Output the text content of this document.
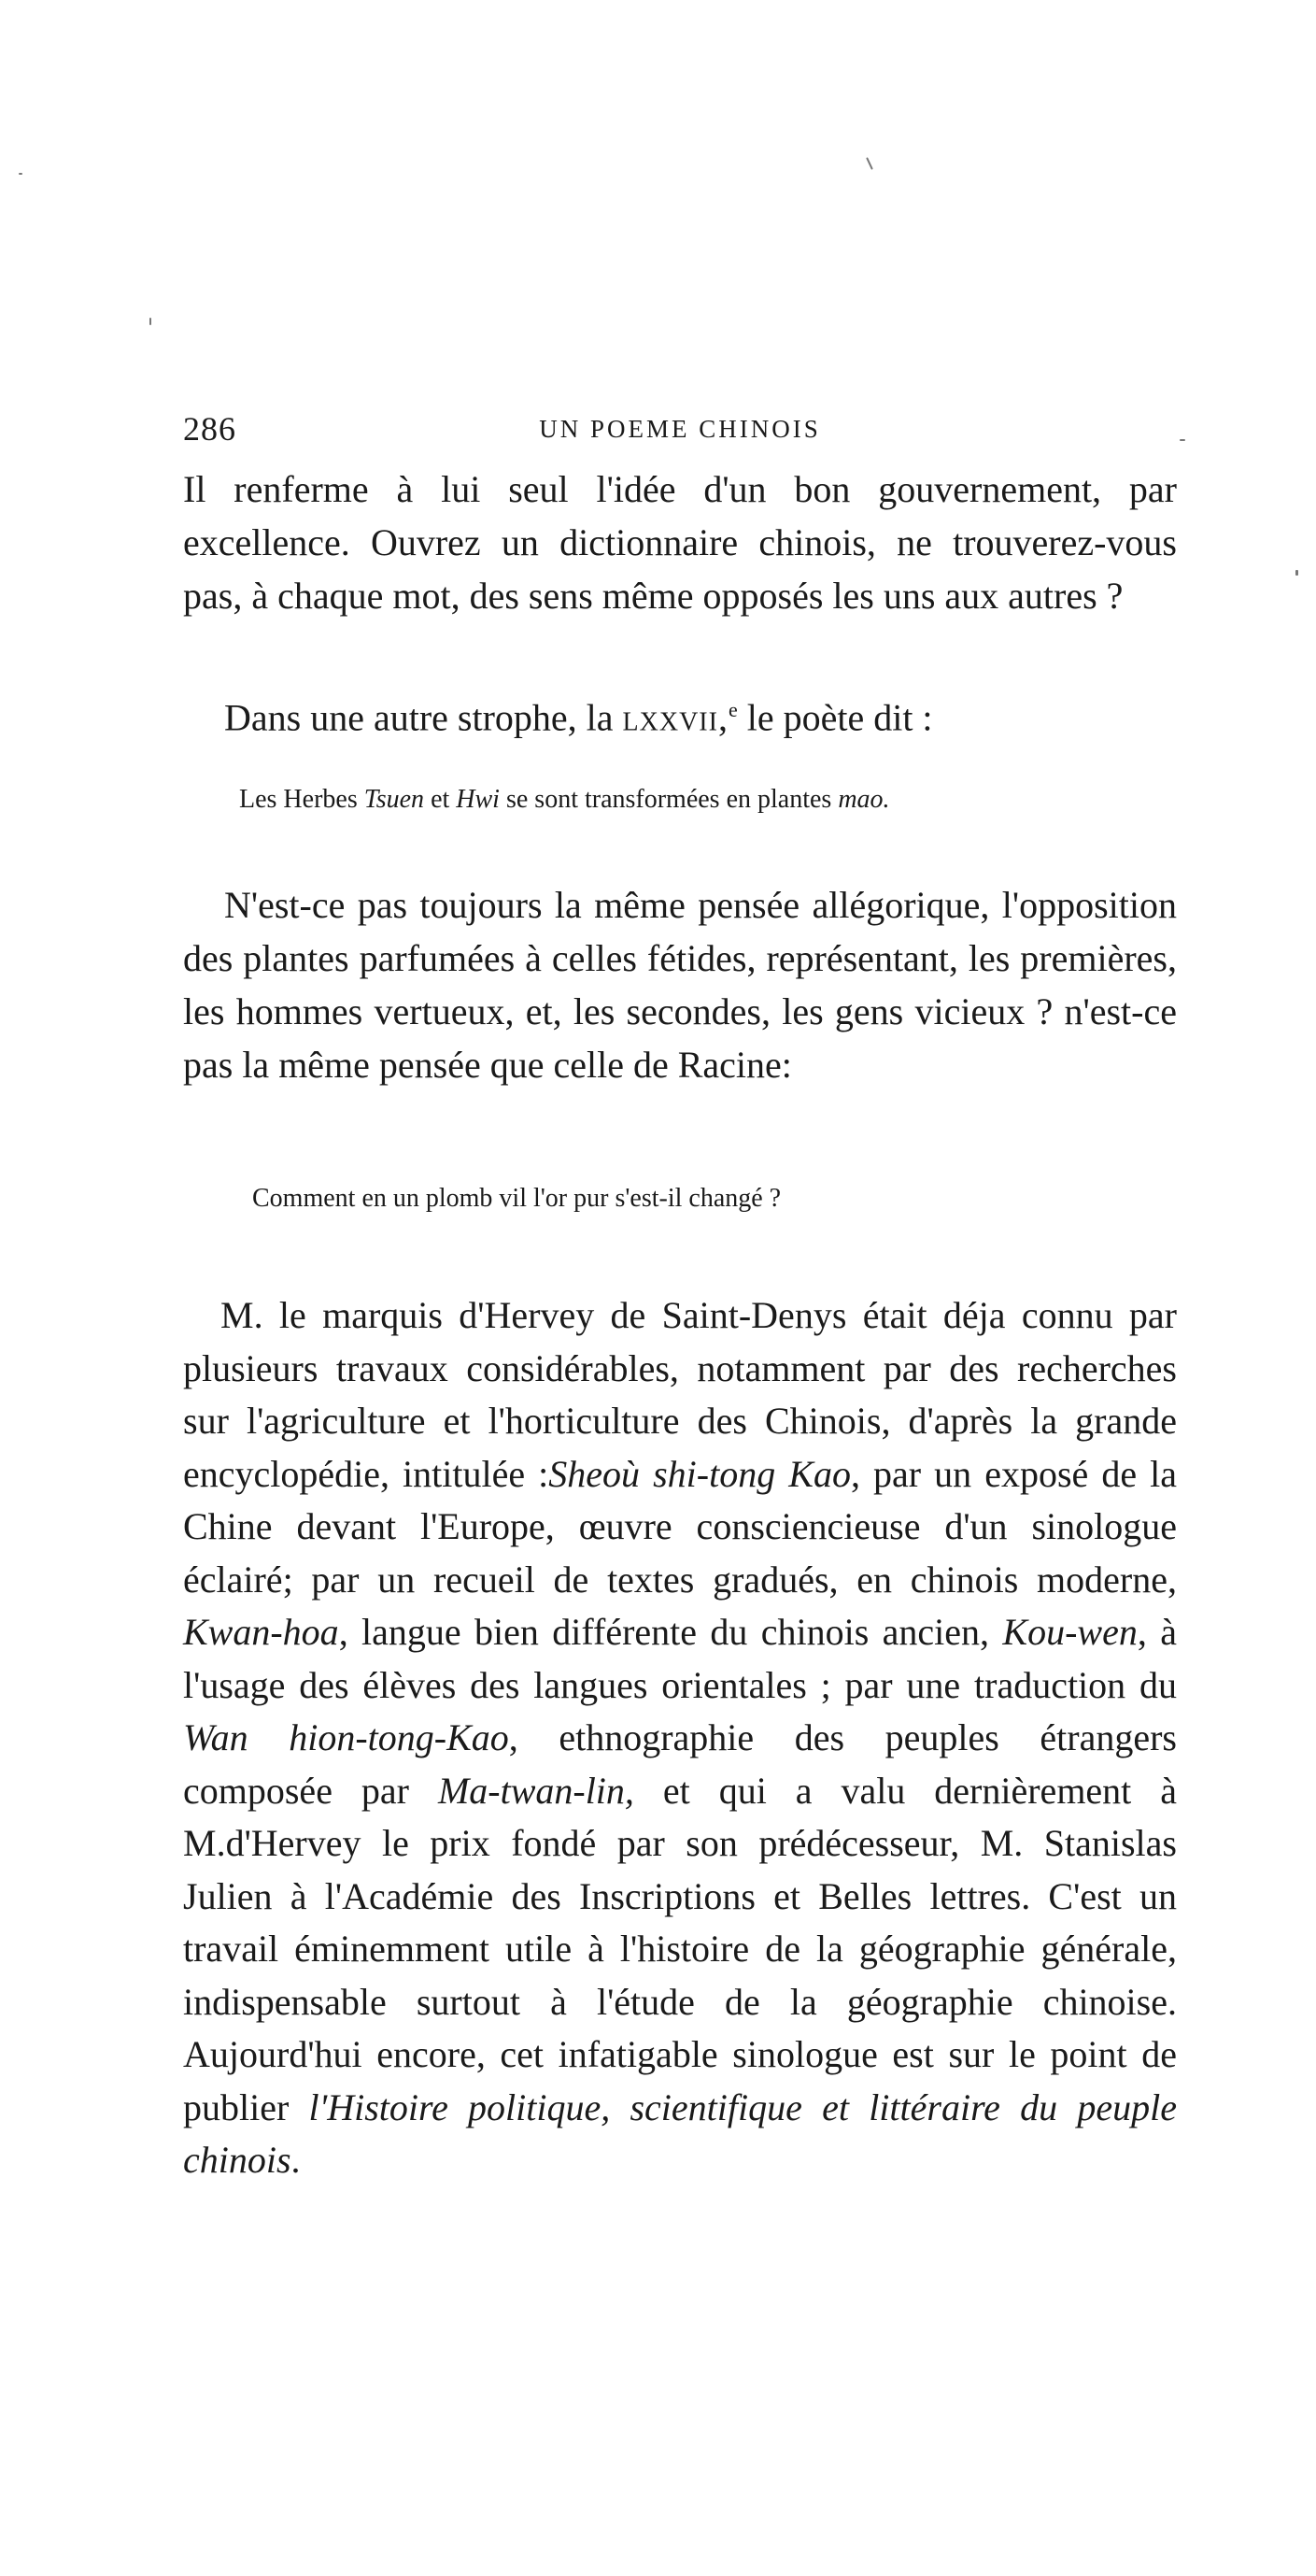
286	UN POEME CHINOIS

Il renferme à lui seul l'idée d'un bon gouvernement, par excellence. Ouvrez un dictionnaire chinois, ne trouverez-vous pas, à chaque mot, des sens même opposés les uns aux autres ?

Dans une autre strophe, la lxxvii,$^e$ le poète dit :

Les Herbes Tsuen et Hwi se sont transformées en plantes mao.

N'est-ce pas toujours la même pensée allégorique, l'opposition des plantes parfumées à celles fétides, représentant, les premières, les hommes vertueux, et, les secondes, les gens vicieux ? n'est-ce pas la même pensée que celle de Racine:

Comment en un plomb vil l'or pur s'est-il changé ?

M. le marquis d'Hervey de Saint-Denys était déja connu par plusieurs travaux considérables, notamment par des recherches sur l'agriculture et l'horticulture des Chinois, d'après la grande encyclopédie, intitulée :Sheoù shi-tong Kao, par un exposé de la Chine devant l'Europe, œuvre consciencieuse d'un sinologue éclairé; par un recueil de textes gradués, en chinois moderne, Kwan-hoa, langue bien différente du chinois ancien, Kou-wen, à l'usage des élèves des langues orientales ; par une traduction du Wan hion-tong-Kao, ethnographie des peuples étrangers composée par Ma-twan-lin, et qui a valu dernièrement à M.d'Hervey le prix fondé par son prédécesseur, M. Stanislas Julien à l'Académie des Inscriptions et Belles lettres. C'est un travail éminemment utile à l'histoire de la géographie générale, indispensable surtout à l'étude de la géographie chinoise. Aujourd'hui encore, cet infatigable sinologue est sur le point de publier l'Histoire politique, scientifique et littéraire du peuple chinois.
